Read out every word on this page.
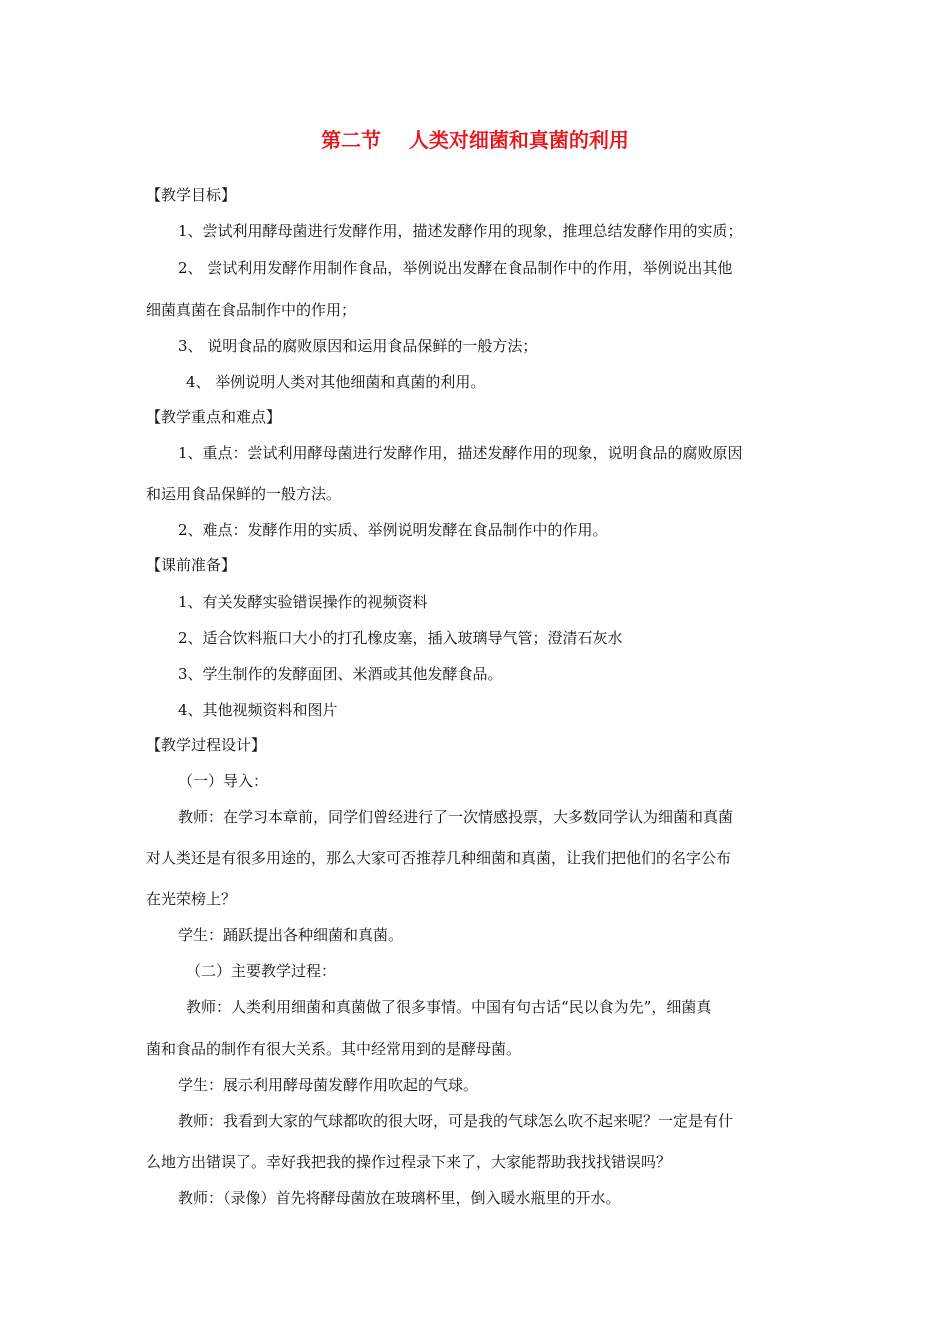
第二节    人类对细菌和真菌的利用
【教学目标】
1、尝试利用酵母菌进行发酵作用，描述发酵作用的现象，推理总结发酵作用的实质；
2、 尝试利用发酵作用制作食品，举例说出发酵在食品制作中的作用，举例说出其他
细菌真菌在食品制作中的作用；
3、 说明食品的腐败原因和运用食品保鲜的一般方法；
4、 举例说明人类对其他细菌和真菌的利用。
【教学重点和难点】
1、重点：尝试利用酵母菌进行发酵作用，描述发酵作用的现象，说明食品的腐败原因
和运用食品保鲜的一般方法。
2、难点：发酵作用的实质、举例说明发酵在食品制作中的作用。
【课前准备】
1、有关发酵实验错误操作的视频资料
2、适合饮料瓶口大小的打孔橡皮塞，插入玻璃导气管；澄清石灰水
3、学生制作的发酵面团、米酒或其他发酵食品。
4、其他视频资料和图片
【教学过程设计】
（一）导入：
教师：在学习本章前，同学们曾经进行了一次情感投票，大多数同学认为细菌和真菌
对人类还是有很多用途的，那么大家可否推荐几种细菌和真菌，让我们把他们的名字公布
在光荣榜上？
学生：踊跃提出各种细菌和真菌。
（二）主要教学过程：
教师：人类利用细菌和真菌做了很多事情。中国有句古话“民以食为先”，细菌真
菌和食品的制作有很大关系。其中经常用到的是酵母菌。
学生：展示利用酵母菌发酵作用吹起的气球。
教师：我看到大家的气球都吹的很大呀，可是我的气球怎么吹不起来呢？一定是有什
么地方出错误了。幸好我把我的操作过程录下来了，大家能帮助我找找错误吗？
教师：（录像）首先将酵母菌放在玻璃杯里，倒入暖水瓶里的开水。
